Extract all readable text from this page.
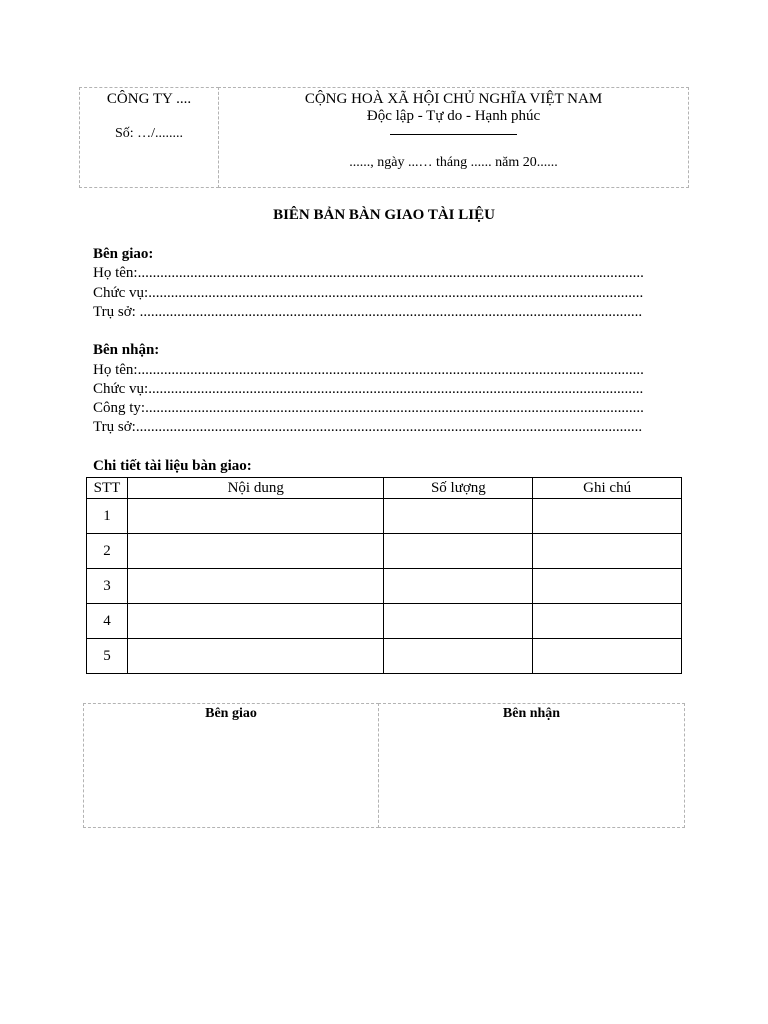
CÔNG TY ....
Số: …/........
CỘNG HOÀ XÃ HỘI CHỦ NGHĨA VIỆT NAM
Độc lập - Tự do - Hạnh phúc
......, ngày ...… tháng ...... năm 20......
BIÊN BẢN BÀN GIAO TÀI LIỆU
Bên giao:
Họ tên:.......................................................................................................................................
Chức vụ:....................................................................................................................................
Trụ sở: ......................................................................................................................................
Bên nhận:
Họ tên:.......................................................................................................................................
Chức vụ:....................................................................................................................................
Công ty:.....................................................................................................................................
Trụ sở:.......................................................................................................................................
Chi tiết tài liệu bàn giao:
STT	Nội dung	Số lượng	Ghi chú
1			
2			
3			
4			
5			
Bên giao	Bên nhận
